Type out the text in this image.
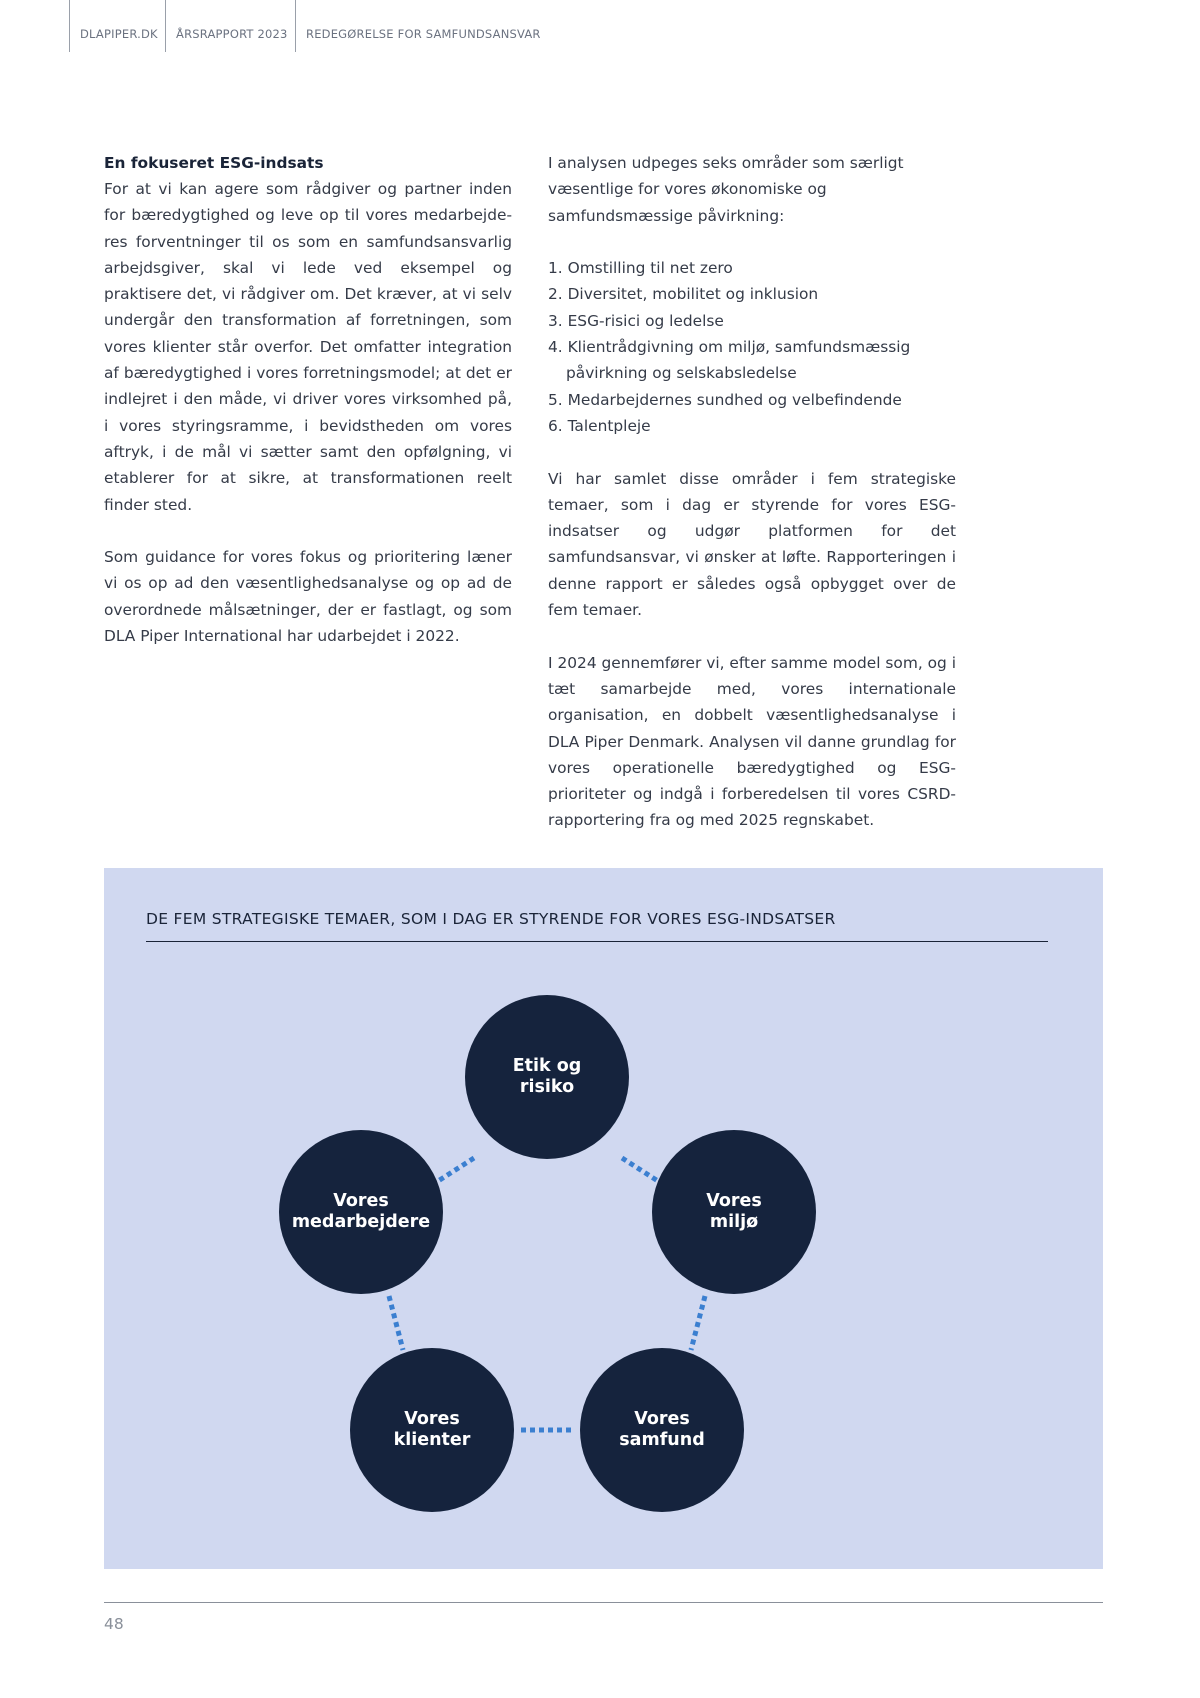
DLAPIPER.DK	ÅRSRAPPORT 2023	REDEGØRELSE FOR SAMFUNDSANSVAR

En fokuseret ESG-indsats

For at vi kan agere som rådgiver og partner inden for bæredygtighed og leve op til vores medarbejderes forventninger til os som en samfundsansvarlig arbejdsgiver, skal vi lede ved eksempel og praktisere det, vi rådgiver om. Det kræver, at vi selv undergår den transformation af forretningen, som vores klienter står overfor. Det omfatter integration af bæredygtighed i vores forretningsmodel; at det er indlejret i den måde, vi driver vores virksomhed på, i vores styringsramme, i bevidstheden om vores aftryk, i de mål vi sætter samt den opfølgning, vi etablerer for at sikre, at transformationen reelt finder sted.

Som guidance for vores fokus og prioritering læner vi os op ad den væsentlighedsanalyse og op ad de overordnede målsætninger, der er fastlagt, og som DLA Piper International har udarbejdet i 2022.

I analysen udpeges seks områder som særligt væsentlige for vores økonomiske og samfundsmæssige påvirkning:

1. Omstilling til net zero
2. Diversitet, mobilitet og inklusion
3. ESG-risici og ledelse
4. Klientrådgivning om miljø, samfundsmæssig påvirkning og selskabsledelse
5. Medarbejdernes sundhed og velbefindende
6. Talentpleje

Vi har samlet disse områder i fem strategiske temaer, som i dag er styrende for vores ESG-indsatser og udgør platformen for det samfundsansvar, vi ønsker at løfte. Rapporteringen i denne rapport er således også opbygget over de fem temaer.

I 2024 gennemfører vi, efter samme model som, og i tæt samarbejde med, vores internationale organisation, en dobbelt væsentlighedsanalyse i DLA Piper Denmark. Analysen vil danne grundlag for vores operationelle bæredygtighed og ESG-prioriteter og indgå i forberedelsen til vores CSRD-rapportering fra og med 2025 regnskabet.

DE FEM STRATEGISKE TEMAER, SOM I DAG ER STYRENDE FOR VORES ESG-INDSATSER
Etik og
risiko
Vores
miljø
Vores
samfund
Vores
klienter
Vores
medarbejdere
48
